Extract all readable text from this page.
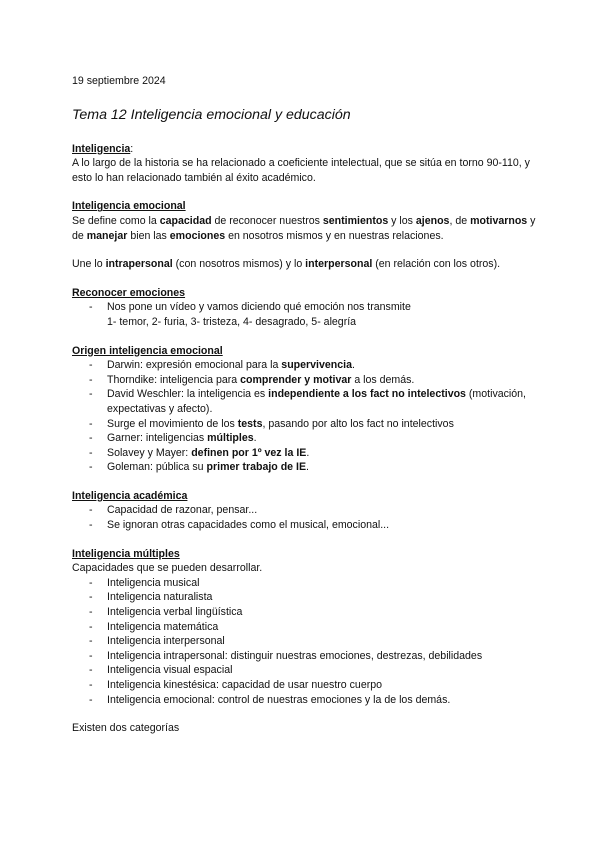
19 septiembre 2024

Tema 12 Inteligencia emocional y educación

Inteligencia:

A lo largo de la historia se ha relacionado a coeficiente intelectual, que se sitúa en torno 90-110, y esto lo han relacionado también al éxito académico.

Inteligencia emocional

Se define como la capacidad de reconocer nuestros sentimientos y los ajenos, de motivarnos y de manejar bien las emociones en nosotros mismos y en nuestras relaciones.

Une lo intrapersonal (con nosotros mismos) y lo interpersonal (en relación con los otros).

Reconocer emociones

- Nos pone un vídeo y vamos diciendo qué emoción nos transmite
1- temor, 2- furia, 3- tristeza, 4- desagrado, 5- alegría

Origen inteligencia emocional

- Darwin: expresión emocional para la supervivencia.
- Thorndike: inteligencia para comprender y motivar a los demás.
- David Weschler: la inteligencia es independiente a los fact no intelectivos (motivación, expectativas y afecto).
- Surge el movimiento de los tests, pasando por alto los fact no intelectivos
- Garner: inteligencias múltiples.
- Solavey y Mayer: definen por 1º vez la IE.
- Goleman: pública su primer trabajo de IE.

Inteligencia académica

- Capacidad de razonar, pensar...
- Se ignoran otras capacidades como el musical, emocional...

Inteligencia múltiples

Capacidades que se pueden desarrollar.

- Inteligencia musical
- Inteligencia naturalista
- Inteligencia verbal lingüística
- Inteligencia matemática
- Inteligencia interpersonal
- Inteligencia intrapersonal: distinguir nuestras emociones, destrezas, debilidades
- Inteligencia visual espacial
- Inteligencia kinestésica: capacidad de usar nuestro cuerpo
- Inteligencia emocional: control de nuestras emociones y la de los demás.

Existen dos categorías
